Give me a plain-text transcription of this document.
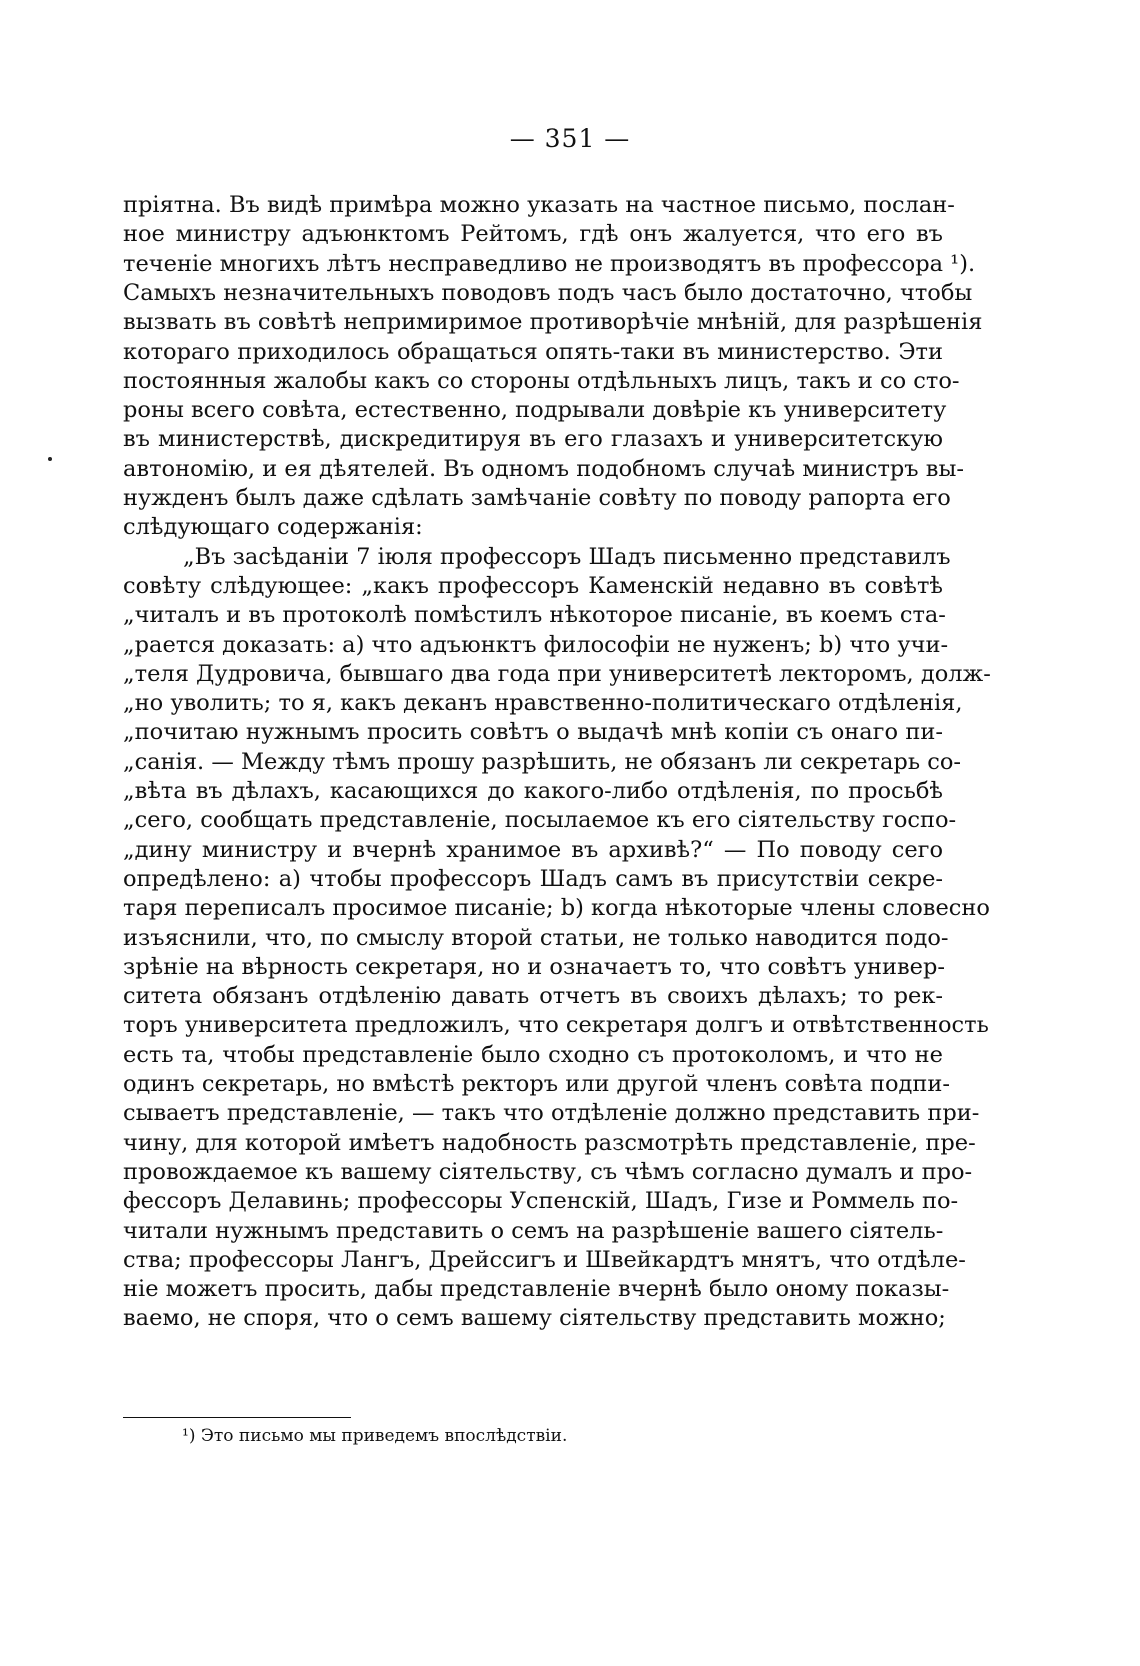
— 351 —
пріятна. Въ видѣ примѣра можно указать на частное письмо, послан-
ное министру адъюнктомъ Рейтомъ, гдѣ онъ жалуется, что его въ
теченіе многихъ лѣтъ несправедливо не производятъ въ профессора ¹).
Самыхъ незначительныхъ поводовъ подъ часъ было достаточно, чтобы
вызвать въ совѣтѣ непримиримое противорѣчіе мнѣній, для разрѣшенія
котораго приходилось обращаться опять-таки въ министерство. Эти
постоянныя жалобы какъ со стороны отдѣльныхъ лицъ, такъ и со сто-
роны всего совѣта, естественно, подрывали довѣріе къ университету
въ министерствѣ, дискредитируя въ его глазахъ и университетскую
автономію, и ея дѣятелей. Въ одномъ подобномъ случаѣ министръ вы-
нужденъ былъ даже сдѣлать замѣчаніе совѣту по поводу рапорта его
слѣдующаго содержанія:
„Въ засѣданіи 7 іюля профессоръ Шадъ письменно представилъ
совѣту слѣдующее: „какъ профессоръ Каменскій недавно въ совѣтѣ
„читалъ и въ протоколѣ помѣстилъ нѣкоторое писаніе, въ коемъ ста-
„рается доказать: а) что адъюнктъ философіи не нуженъ; b) что учи-
„теля Дудровича, бывшаго два года при университетѣ лекторомъ, долж-
„но уволить; то я, какъ деканъ нравственно-политическаго отдѣленія,
„почитаю нужнымъ просить совѣтъ о выдачѣ мнѣ копіи съ онаго пи-
„санія. — Между тѣмъ прошу разрѣшить, не обязанъ ли секретарь со-
„вѣта въ дѣлахъ, касающихся до какого-либо отдѣленія, по просьбѣ
„сего, сообщать представленіе, посылаемое къ его сіятельству госпо-
„дину министру и вчернѣ хранимое въ архивѣ?“ — По поводу сего
опредѣлено: а) чтобы профессоръ Шадъ самъ въ присутствіи секре-
таря переписалъ просимое писаніе; b) когда нѣкоторые члены словесно
изъяснили, что, по смыслу второй статьи, не только наводится подо-
зрѣніе на вѣрность секретаря, но и означаетъ то, что совѣтъ универ-
ситета обязанъ отдѣленію давать отчетъ въ своихъ дѣлахъ; то рек-
торъ университета предложилъ, что секретаря долгъ и отвѣтственность
есть та, чтобы представленіе было сходно съ протоколомъ, и что не
одинъ секретарь, но вмѣстѣ ректоръ или другой членъ совѣта подпи-
сываетъ представленіе, — такъ что отдѣленіе должно представить при-
чину, для которой имѣетъ надобность разсмотрѣть представленіе, пре-
провождаемое къ вашему сіятельству, съ чѣмъ согласно думалъ и про-
фессоръ Делавинь; профессоры Успенскій, Шадъ, Гизе и Роммель по-
читали нужнымъ представить о семъ на разрѣшеніе вашего сіятель-
ства; профессоры Лангъ, Дрейссигъ и Швейкардтъ мнятъ, что отдѣле-
ніе можетъ просить, дабы представленіе вчернѣ было оному показы-
ваемо, не споря, что о семъ вашему сіятельству представить можно;
¹) Это письмо мы приведемъ впослѣдствіи.
